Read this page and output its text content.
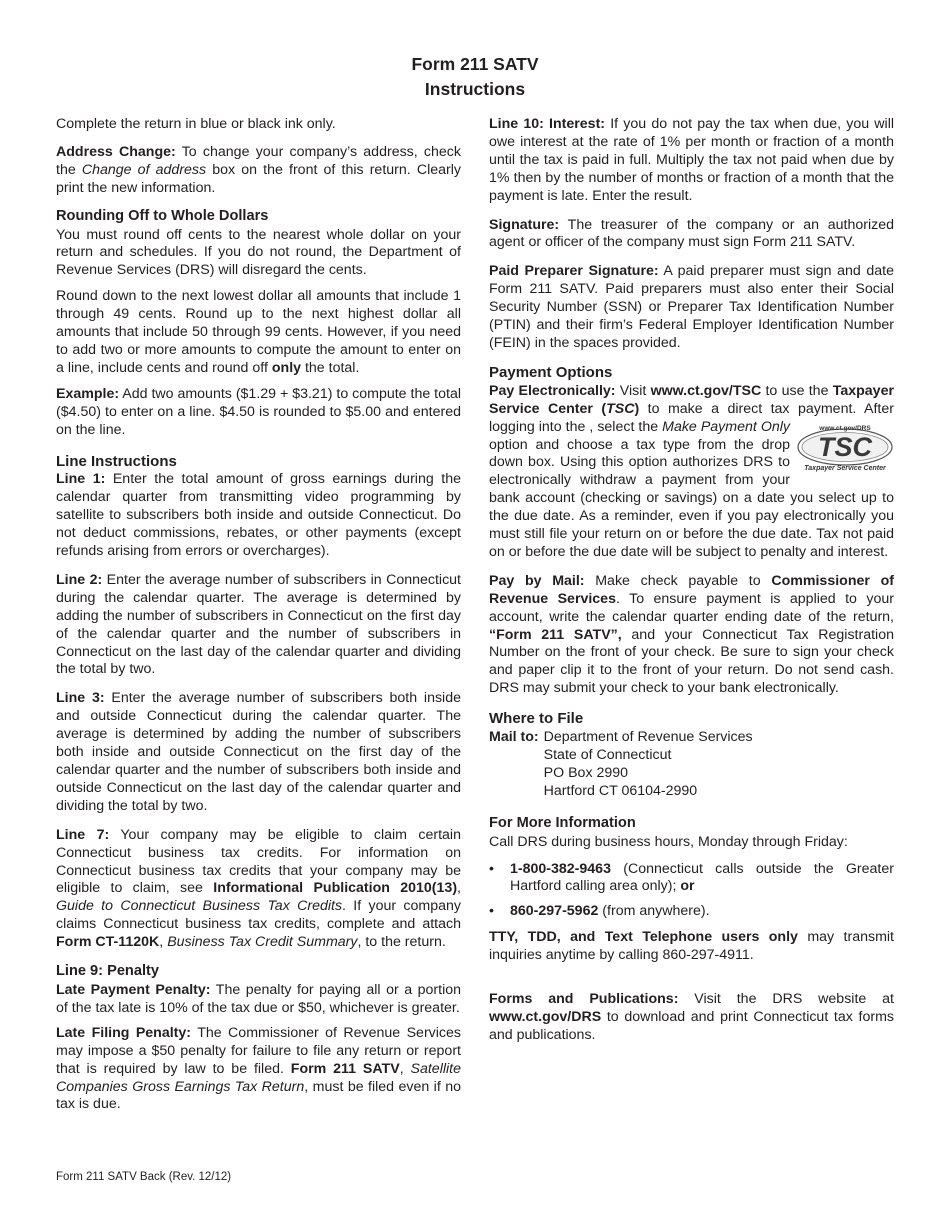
Form 211 SATV
Instructions

Complete the return in blue or black ink only.

Address Change: To change your company’s address, check the Change of address box on the front of this return. Clearly print the new information.

Rounding Off to Whole Dollars

You must round off cents to the nearest whole dollar on your return and schedules. If you do not round, the Department of Revenue Services (DRS) will disregard the cents.

Round down to the next lowest dollar all amounts that include 1 through 49 cents. Round up to the next highest dollar all amounts that include 50 through 99 cents. However, if you need to add two or more amounts to compute the amount to enter on a line, include cents and round off only the total.

Example: Add two amounts ($1.29 + $3.21) to compute the total ($4.50) to enter on a line. $4.50 is rounded to $5.00 and entered on the line.

Line Instructions

Line 1: Enter the total amount of gross earnings during the calendar quarter from transmitting video programming by satellite to subscribers both inside and outside Connecticut. Do not deduct commissions, rebates, or other payments (except refunds arising from errors or overcharges).

Line 2: Enter the average number of subscribers in Connecticut during the calendar quarter. The average is determined by adding the number of subscribers in Connecticut on the first day of the calendar quarter and the number of subscribers in Connecticut on the last day of the calendar quarter and dividing the total by two.

Line 3: Enter the average number of subscribers both inside and outside Connecticut during the calendar quarter. The average is determined by adding the number of subscribers both inside and outside Connecticut on the first day of the calendar quarter and the number of subscribers both inside and outside Connecticut on the last day of the calendar quarter and dividing the total by two.

Line 7: Your company may be eligible to claim certain Connecticut business tax credits. For information on Connecticut business tax credits that your company may be eligible to claim, see Informational Publication 2010(13), Guide to Connecticut Business Tax Credits. If your company claims Connecticut business tax credits, complete and attach Form CT-1120K, Business Tax Credit Summary, to the return.

Line 9: Penalty

Late Payment Penalty: The penalty for paying all or a portion of the tax late is 10% of the tax due or $50, whichever is greater.

Late Filing Penalty: The Commissioner of Revenue Services may impose a $50 penalty for failure to file any return or report that is required by law to be filed. Form 211 SATV, Satellite Companies Gross Earnings Tax Return, must be filed even if no tax is due.

Line 10: Interest: If you do not pay the tax when due, you will owe interest at the rate of 1% per month or fraction of a month until the tax is paid in full. Multiply the tax not paid when due by 1% then by the number of months or fraction of a month that the payment is late. Enter the result.

Signature: The treasurer of the company or an authorized agent or officer of the company must sign Form 211 SATV.

Paid Preparer Signature: A paid preparer must sign and date Form 211 SATV. Paid preparers must also enter their Social Security Number (SSN) or Preparer Tax Identification Number (PTIN) and their firm’s Federal Employer Identification Number (FEIN) in the spaces provided.

Payment Options

Pay Electronically: Visit www.ct.gov/TSC to use the Taxpayer Service Center (TSC) to make a direct tax payment. After logging into the	www.ct.gov/DRS
TSC
Taxpayer Service Center
, select the Make Payment Only option and choose a tax type from the drop down box. Using this option authorizes DRS to electronically withdraw a payment from your bank account (checking or savings) on a date you select up to the due date. As a reminder, even if you pay electronically you must still file your return on or before the due date. Tax not paid on or before the due date will be subject to penalty and interest.

Pay by Mail: Make check payable to Commissioner of Revenue Services. To ensure payment is applied to your account, write the calendar quarter ending date of the return, “Form 211 SATV”, and your Connecticut Tax Registration Number on the front of your check. Be sure to sign your check and paper clip it to the front of your return. Do not send cash. DRS may submit your check to your bank electronically.

Where to File
Mail to: Department of Revenue Services
State of Connecticut
PO Box 2990
Hartford CT 06104-2990
For More Information

Call DRS during business hours, Monday through Friday:

• 1-800-382-9463 (Connecticut calls outside the Greater Hartford calling area only); or
• 860-297-5962 (from anywhere).

TTY, TDD, and Text Telephone users only may transmit inquiries anytime by calling 860-297-4911.

Forms and Publications: Visit the DRS website at www.ct.gov/DRS to download and print Connecticut tax forms and publications.

Form 211 SATV Back (Rev. 12/12)
